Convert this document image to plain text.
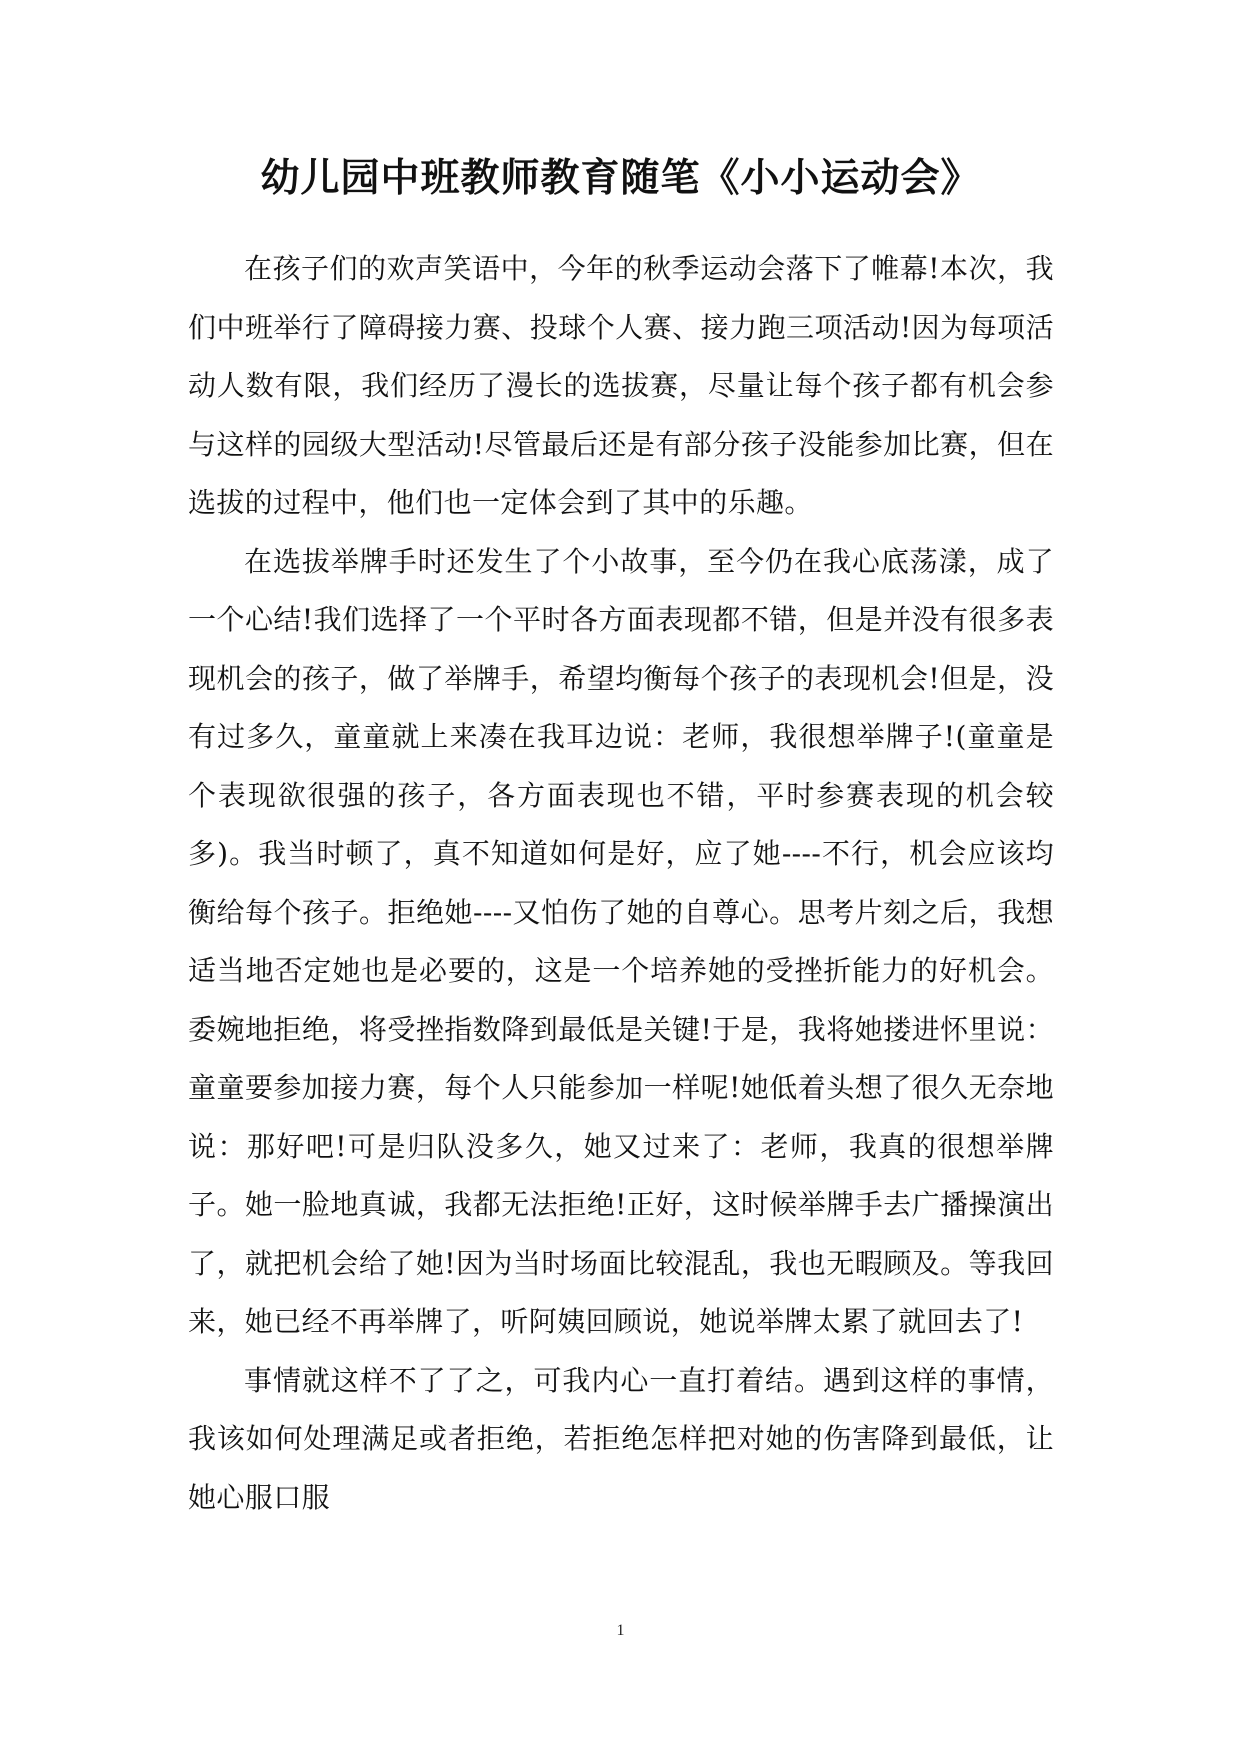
幼儿园中班教师教育随笔《小小运动会》

在孩子们的欢声笑语中，今年的秋季运动会落下了帷幕!本次，我们中班举行了障碍接力赛、投球个人赛、接力跑三项活动!因为每项活动人数有限，我们经历了漫长的选拔赛，尽量让每个孩子都有机会参与这样的园级大型活动!尽管最后还是有部分孩子没能参加比赛，但在选拔的过程中，他们也一定体会到了其中的乐趣。

在选拔举牌手时还发生了个小故事，至今仍在我心底荡漾，成了一个心结!我们选择了一个平时各方面表现都不错，但是并没有很多表现机会的孩子，做了举牌手，希望均衡每个孩子的表现机会!但是，没有过多久，童童就上来凑在我耳边说：老师，我很想举牌子!(童童是个表现欲很强的孩子，各方面表现也不错，平时参赛表现的机会较多)。我当时顿了，真不知道如何是好，应了她----不行，机会应该均衡给每个孩子。拒绝她----又怕伤了她的自尊心。思考片刻之后，我想适当地否定她也是必要的，这是一个培养她的受挫折能力的好机会。委婉地拒绝，将受挫指数降到最低是关键!于是，我将她搂进怀里说：童童要参加接力赛，每个人只能参加一样呢!她低着头想了很久无奈地说：那好吧!可是归队没多久，她又过来了：老师，我真的很想举牌子。她一脸地真诚，我都无法拒绝!正好，这时候举牌手去广播操演出了，就把机会给了她!因为当时场面比较混乱，我也无暇顾及。等我回来，她已经不再举牌了，听阿姨回顾说，她说举牌太累了就回去了!

事情就这样不了了之，可我内心一直打着结。遇到这样的事情，我该如何处理满足或者拒绝，若拒绝怎样把对她的伤害降到最低，让她心服口服

1
